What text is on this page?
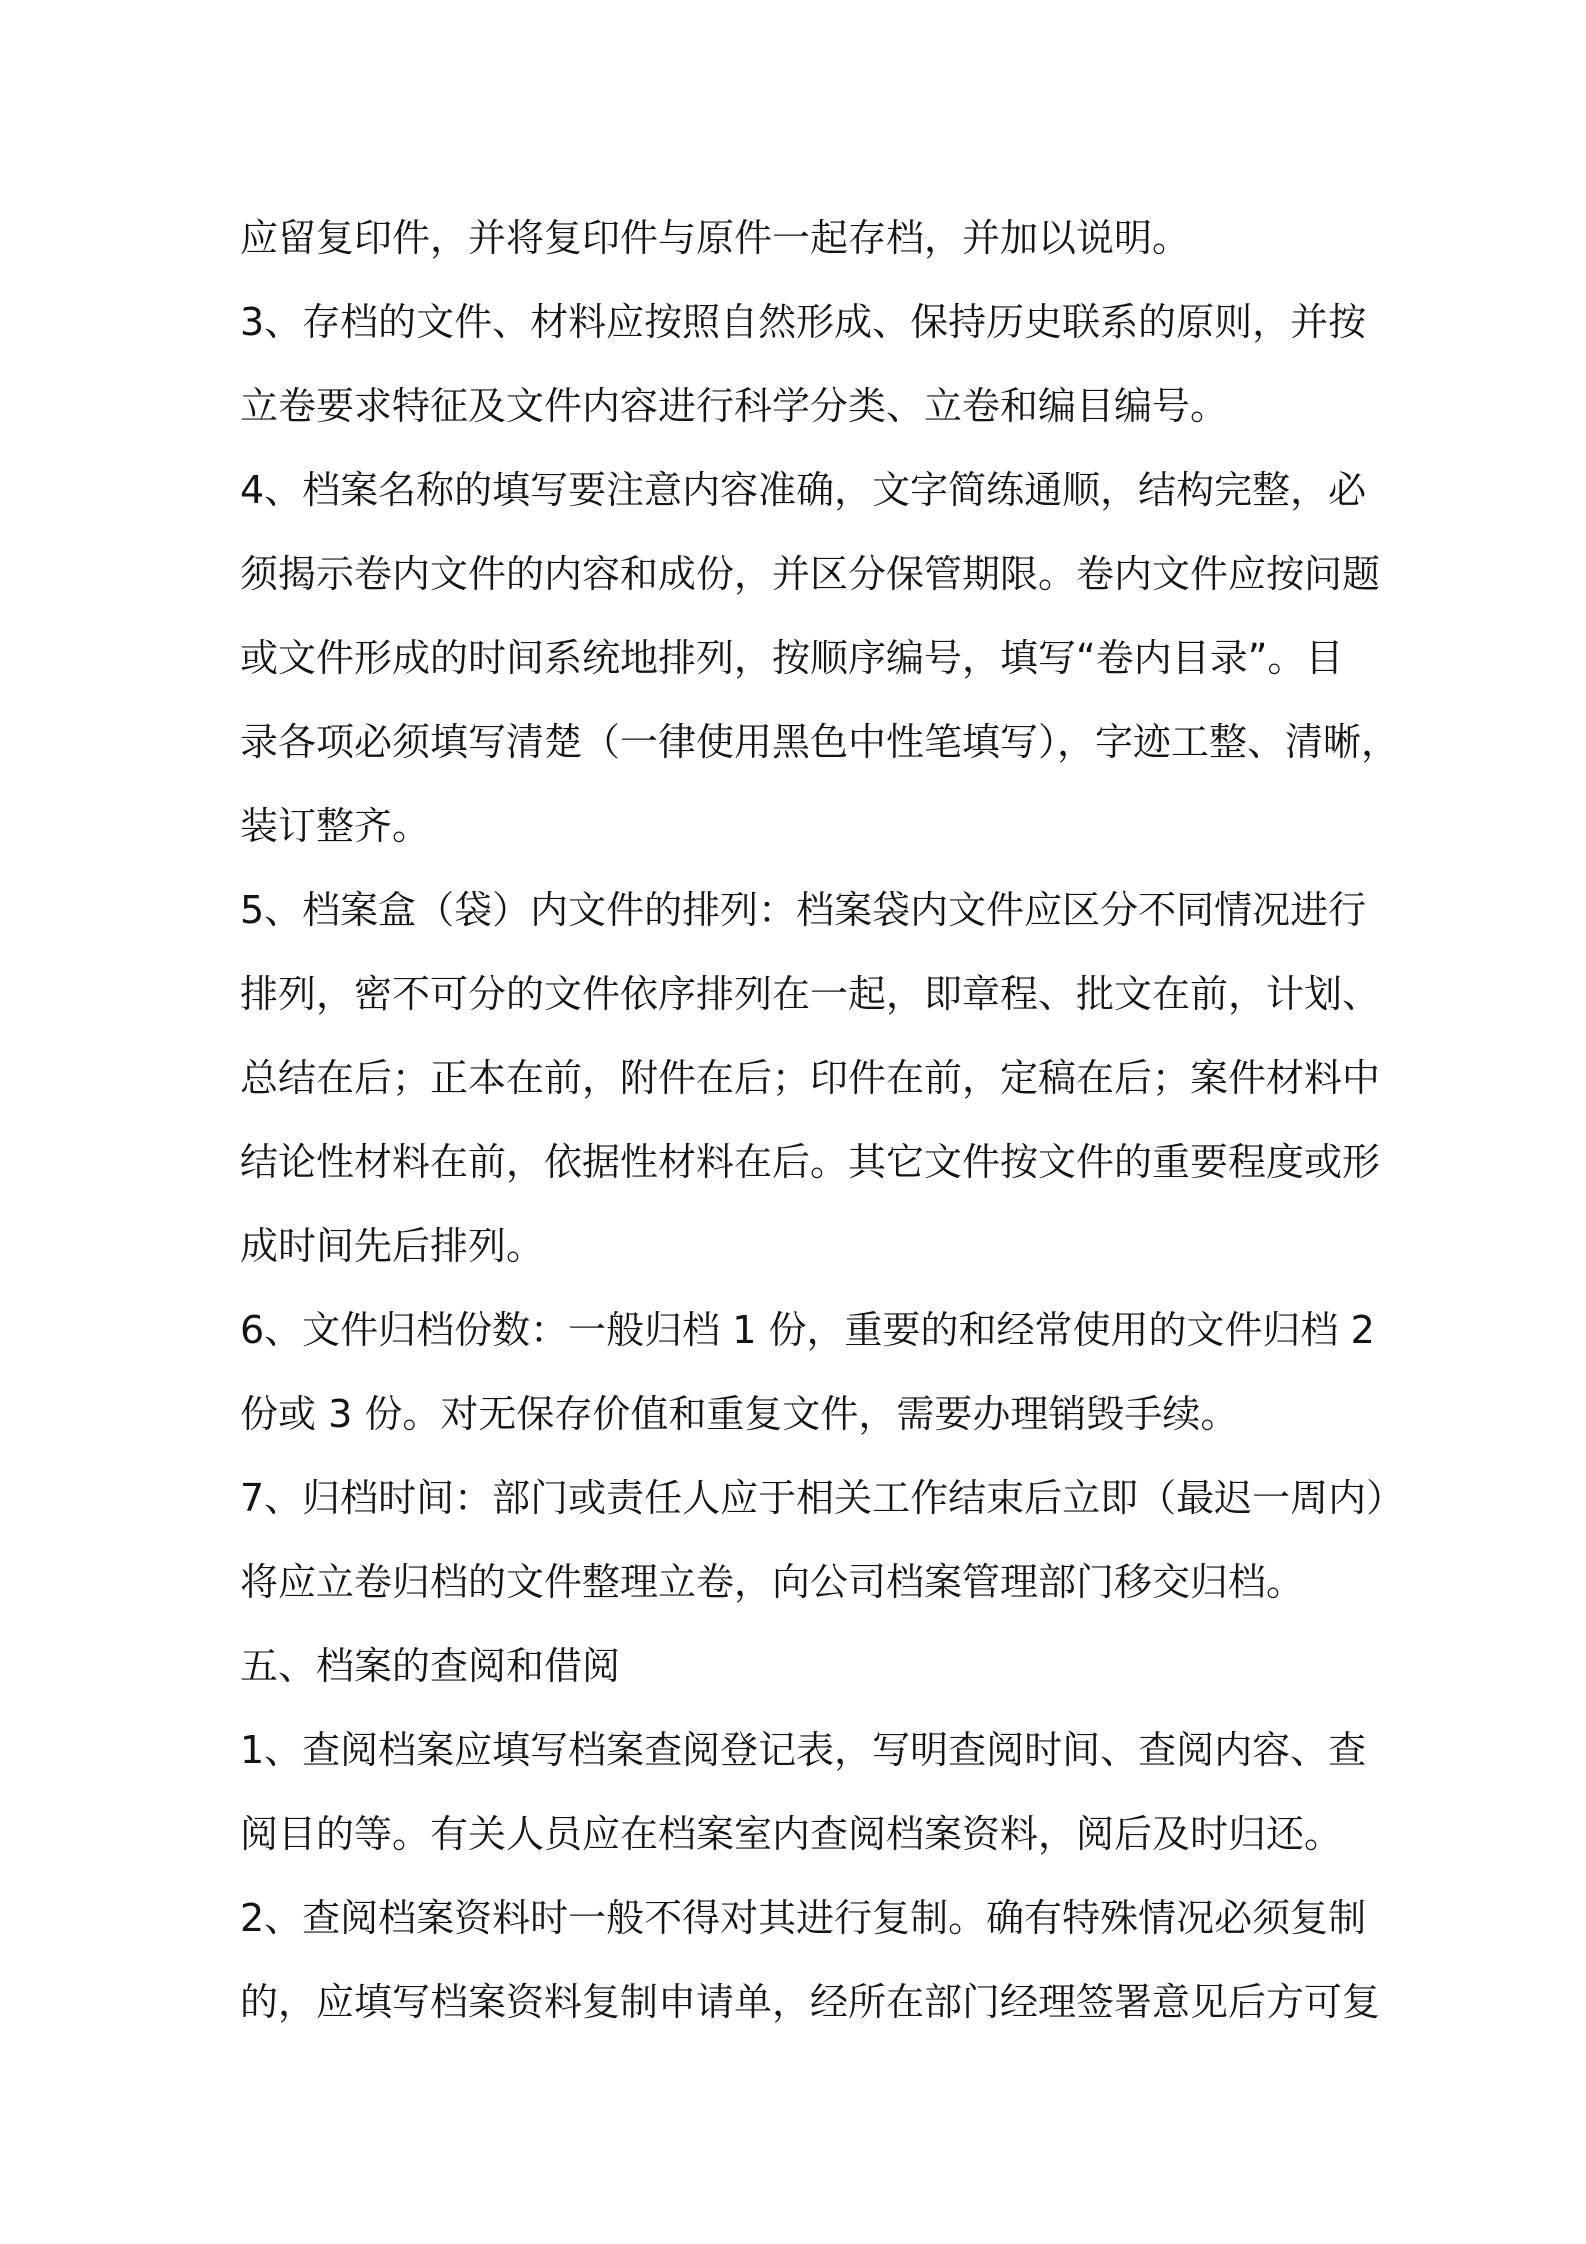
应留复印件，并将复印件与原件一起存档，并加以说明。
3、存档的文件、材料应按照自然形成、保持历史联系的原则，并按
立卷要求特征及文件内容进行科学分类、立卷和编目编号。
4、档案名称的填写要注意内容准确，文字简练通顺，结构完整，必
须揭示卷内文件的内容和成份，并区分保管期限。卷内文件应按问题
或文件形成的时间系统地排列，按顺序编号，填写“卷内目录”。目
录各项必须填写清楚（一律使用黑色中性笔填写），字迹工整、清晰，
装订整齐。
5、档案盒（袋）内文件的排列：档案袋内文件应区分不同情况进行
排列，密不可分的文件依序排列在一起，即章程、批文在前，计划、
总结在后；正本在前，附件在后；印件在前，定稿在后；案件材料中
结论性材料在前，依据性材料在后。其它文件按文件的重要程度或形
成时间先后排列。
6、文件归档份数：一般归档 1 份，重要的和经常使用的文件归档 2
份或 3 份。对无保存价值和重复文件，需要办理销毁手续。
7、归档时间：部门或责任人应于相关工作结束后立即（最迟一周内）
将应立卷归档的文件整理立卷，向公司档案管理部门移交归档。
五、档案的查阅和借阅
1、查阅档案应填写档案查阅登记表，写明查阅时间、查阅内容、查
阅目的等。有关人员应在档案室内查阅档案资料，阅后及时归还。
2、查阅档案资料时一般不得对其进行复制。确有特殊情况必须复制
的，应填写档案资料复制申请单，经所在部门经理签署意见后方可复
